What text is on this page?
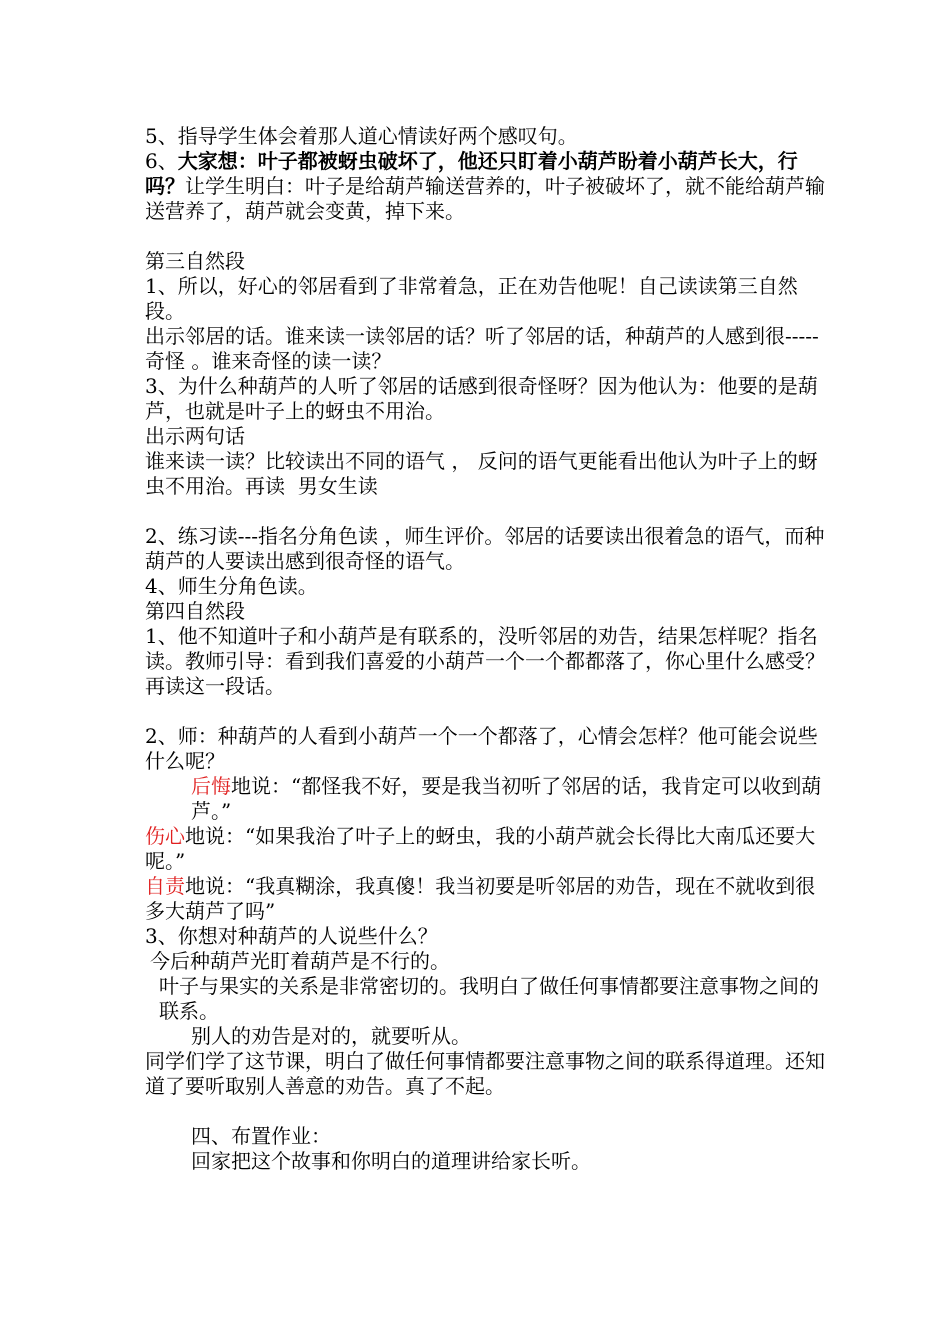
5、指导学生体会着那人道心情读好两个感叹句。

6、大家想：叶子都被蚜虫破坏了，他还只盯着小葫芦盼着小葫芦长大，行吗？让学生明白：叶子是给葫芦输送营养的，叶子被破坏了，就不能给葫芦输送营养了，葫芦就会变黄，掉下来。

第三自然段

1、所以，好心的邻居看到了非常着急，正在劝告他呢！自己读读第三自然段。

出示邻居的话。谁来读一读邻居的话？听了邻居的话，种葫芦的人感到很-----奇怪 。谁来奇怪的读一读？

3、为什么种葫芦的人听了邻居的话感到很奇怪呀？因为他认为：他要的是葫芦，也就是叶子上的蚜虫不用治。

出示两句话

谁来读一读？比较读出不同的语气 ， 反问的语气更能看出他认为叶子上的蚜虫不用治。再读  男女生读

2、练习读---指名分角色读 ，师生评价。邻居的话要读出很着急的语气，而种葫芦的人要读出感到很奇怪的语气。

4、师生分角色读。

第四自然段

1、他不知道叶子和小葫芦是有联系的，没听邻居的劝告，结果怎样呢？指名读。教师引导：看到我们喜爱的小葫芦一个一个都都落了，你心里什么感受？再读这一段话。

2、师：种葫芦的人看到小葫芦一个一个都落了，心情会怎样？他可能会说些什么呢？

后悔地说：“都怪我不好，要是我当初听了邻居的话，我肯定可以收到葫芦。”

伤心地说：“如果我治了叶子上的蚜虫，我的小葫芦就会长得比大南瓜还要大呢。”

自责地说：“我真糊涂，我真傻！我当初要是听邻居的劝告，现在不就收到很多大葫芦了吗”

3、你想对种葫芦的人说些什么？

今后种葫芦光盯着葫芦是不行的。

叶子与果实的关系是非常密切的。我明白了做任何事情都要注意事物之间的联系。

别人的劝告是对的，就要听从。

同学们学了这节课，明白了做任何事情都要注意事物之间的联系得道理。还知道了要听取别人善意的劝告。真了不起。

四、布置作业：

回家把这个故事和你明白的道理讲给家长听。
